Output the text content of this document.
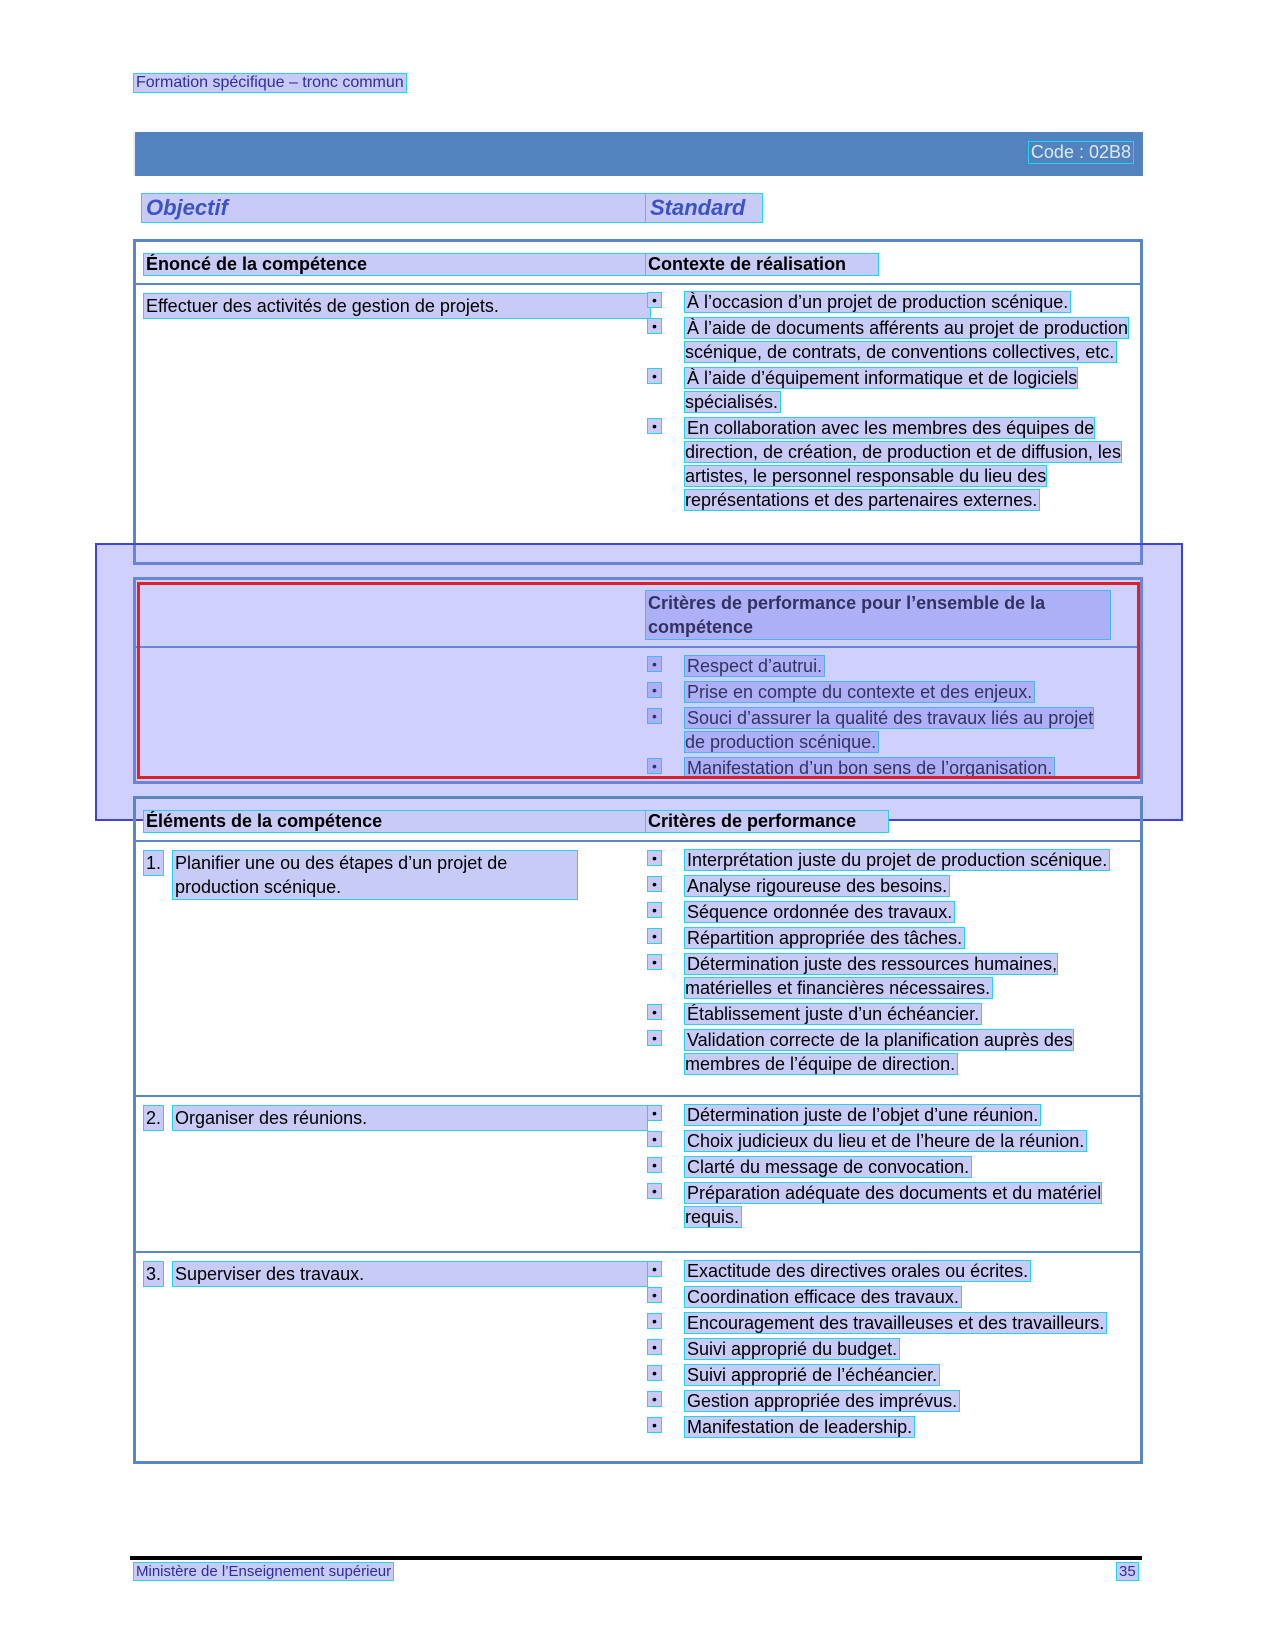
Formation spécifique – tronc commun
Code : 02B8
Objectif	Standard
Énoncé de la compétence	Contexte de réalisation
Effectuer des activités de gestion de projets.	• À l’occasion d’un projet de production scénique.
• À l’aide de documents afférents au projet de production scénique, de contrats, de conventions collectives, etc.
• À l’aide d’équipement informatique et de logiciels spécialisés.
• En collaboration avec les membres des équipes de direction, de création, de production et de diffusion, les artistes, le personnel responsable du lieu des représentations et des partenaires externes.
Critères de performance pour l’ensemble de la compétence
• Respect d’autrui.
• Prise en compte du contexte et des enjeux.
• Souci d’assurer la qualité des travaux liés au projet de production scénique.
• Manifestation d’un bon sens de l’organisation.
Éléments de la compétence	Critères de performance
1. Planifier une ou des étapes d’un projet de production scénique.
• Interprétation juste du projet de production scénique.
• Analyse rigoureuse des besoins.
• Séquence ordonnée des travaux.
• Répartition appropriée des tâches.
• Détermination juste des ressources humaines, matérielles et financières nécessaires.
• Établissement juste d’un échéancier.
• Validation correcte de la planification auprès des membres de l’équipe de direction.
2. Organiser des réunions.	• Détermination juste de l’objet d’une réunion.
• Choix judicieux du lieu et de l’heure de la réunion.
• Clarté du message de convocation.
• Préparation adéquate des documents et du matériel requis.
3. Superviser des travaux.	• Exactitude des directives orales ou écrites.
• Coordination efficace des travaux.
• Encouragement des travailleuses et des travailleurs.
• Suivi approprié du budget.
• Suivi approprié de l’échéancier.
• Gestion appropriée des imprévus.
• Manifestation de leadership.
Ministère de l’Enseignement supérieur	35
